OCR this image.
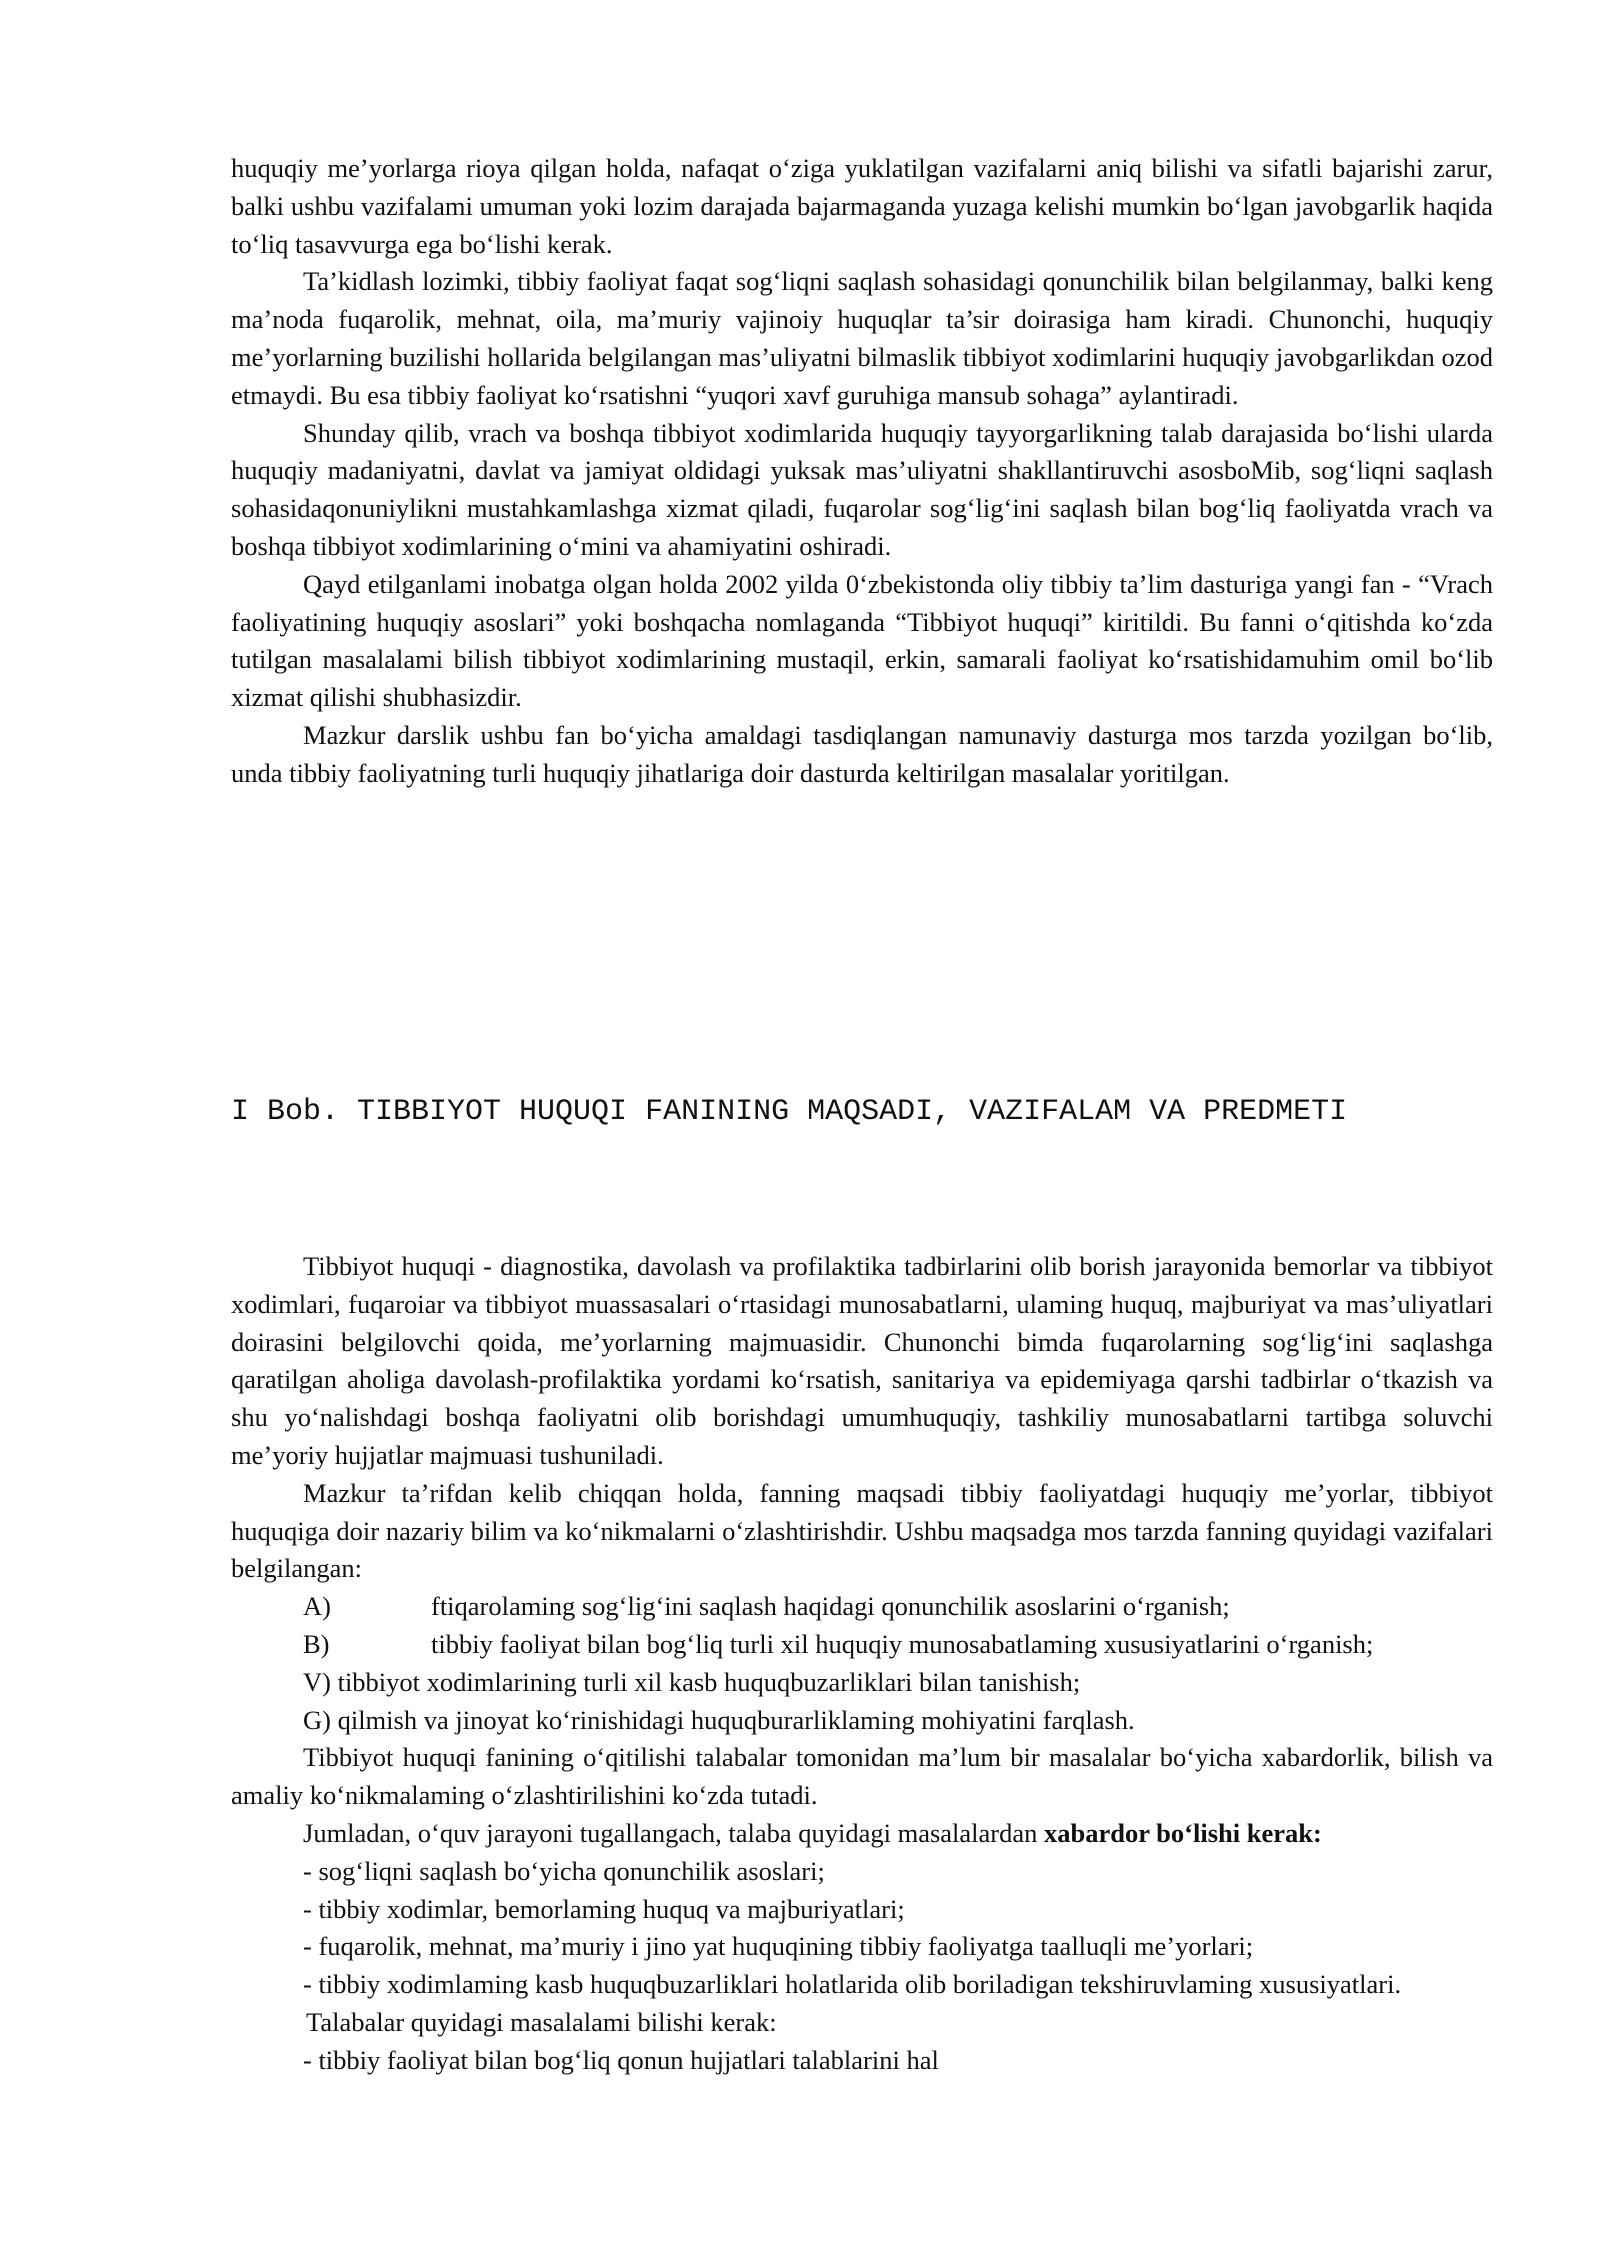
huquqiy me’yorlarga rioya qilgan holda, nafaqat o‘ziga yuklatilgan vazifalarni aniq bilishi va sifatli bajarishi zarur, balki ushbu vazifalami umuman yoki lozim darajada bajarmaganda yuzaga kelishi mumkin bo‘lgan javobgarlik haqida to‘liq tasavvurga ega bo‘lishi kerak.

Ta’kidlash lozimki, tibbiy faoliyat faqat sog‘liqni saqlash sohasidagi qonunchilik bilan belgilanmay, balki keng ma’noda fuqarolik, mehnat, oila, ma’muriy vajinoiy huquqlar ta’sir doirasiga ham kiradi. Chunonchi, huquqiy me’yorlarning buzilishi hollarida belgilangan mas’uliyatni bilmaslik tibbiyot xodimlarini huquqiy javobgarlikdan ozod etmaydi. Bu esa tibbiy faoliyat ko‘rsatishni “yuqori xavf guruhiga mansub sohaga” aylantiradi.

Shunday qilib, vrach va boshqa tibbiyot xodimlarida huquqiy tayyorgarlikning talab darajasida bo‘lishi ularda huquqiy madaniyatni, davlat va jamiyat oldidagi yuksak mas’uliyatni shakllantiruvchi asosboMib, sog‘liqni saqlash sohasidaqonuniylikni mustahkamlashga xizmat qiladi, fuqarolar sog‘lig‘ini saqlash bilan bog‘liq faoliyatda vrach va boshqa tibbiyot xodimlarining o‘mini va ahamiyatini oshiradi.

Qayd etilganlami inobatga olgan holda 2002 yilda 0‘zbekistonda oliy tibbiy ta’lim dasturiga yangi fan - “Vrach faoliyatining huquqiy asoslari” yoki boshqacha nomlaganda “Tibbiyot huquqi” kiritildi. Bu fanni o‘qitishda ko‘zda tutilgan masalalami bilish tibbiyot xodimlarining mustaqil, erkin, samarali faoliyat ko‘rsatishidamuhim omil bo‘lib xizmat qilishi shubhasizdir.

Mazkur darslik ushbu fan bo‘yicha amaldagi tasdiqlangan namunaviy dasturga mos tarzda yozilgan bo‘lib, unda tibbiy faoliyatning turli huquqiy jihatlariga doir dasturda keltirilgan masalalar yoritilgan.

I Bob. TIBBIYOT HUQUQI FANINING MAQSADI, VAZIFALAM VA PREDMETI

Tibbiyot huquqi - diagnostika, davolash va profilaktika tadbirlarini olib borish jarayonida bemorlar va tibbiyot xodimlari, fuqaroiar va tibbiyot muassasalari o‘rtasidagi munosabatlarni, ulaming huquq, majburiyat va mas’uliyatlari doirasini belgilovchi qoida, me’yorlarning majmuasidir. Chunonchi bimda fuqarolarning sog‘lig‘ini saqlashga qaratilgan aholiga davolash-profilaktika yordami ko‘rsatish, sanitariya va epidemiyaga qarshi tadbirlar o‘tkazish va shu yo‘nalishdagi boshqa faoliyatni olib borishdagi umumhuquqiy, tashkiliy munosabatlarni tartibga soluvchi me’yoriy hujjatlar majmuasi tushuniladi.

Mazkur ta’rifdan kelib chiqqan holda, fanning maqsadi tibbiy faoliyatdagi huquqiy me’yorlar, tibbiyot huquqiga doir nazariy bilim va ko‘nikmalarni o‘zlashtirishdir. Ushbu maqsadga mos tarzda fanning quyidagi vazifalari belgilangan:

A)	ftiqarolaming sog‘lig‘ini saqlash haqidagi qonunchilik asoslarini o‘rganish;

B)	tibbiy faoliyat bilan bog‘liq turli xil huquqiy munosabatlaming xususiyatlarini o‘rganish;

V) tibbiyot xodimlarining turli xil kasb huquqbuzarliklari bilan tanishish;

G) qilmish va jinoyat ko‘rinishidagi huquqburarliklaming mohiyatini farqlash.

Tibbiyot huquqi fanining o‘qitilishi talabalar tomonidan ma’lum bir masalalar bo‘yicha xabardorlik, bilish va amaliy ko‘nikmalaming o‘zlashtirilishini ko‘zda tutadi.

Jumladan, o‘quv jarayoni tugallangach, talaba quyidagi masalalardan xabardor bo‘lishi kerak:

- sog‘liqni saqlash bo‘yicha qonunchilik asoslari;

- tibbiy xodimlar, bemorlaming huquq va majburiyatlari;

- fuqarolik, mehnat, ma’muriy i jino yat huquqining tibbiy faoliyatga taalluqli me’yorlari;

- tibbiy xodimlaming kasb huquqbuzarliklari holatlarida olib boriladigan tekshiruvlaming xususiyatlari.

Talabalar quyidagi masalalami bilishi kerak:

- tibbiy faoliyat bilan bog‘liq qonun hujjatlari talablarini hal
